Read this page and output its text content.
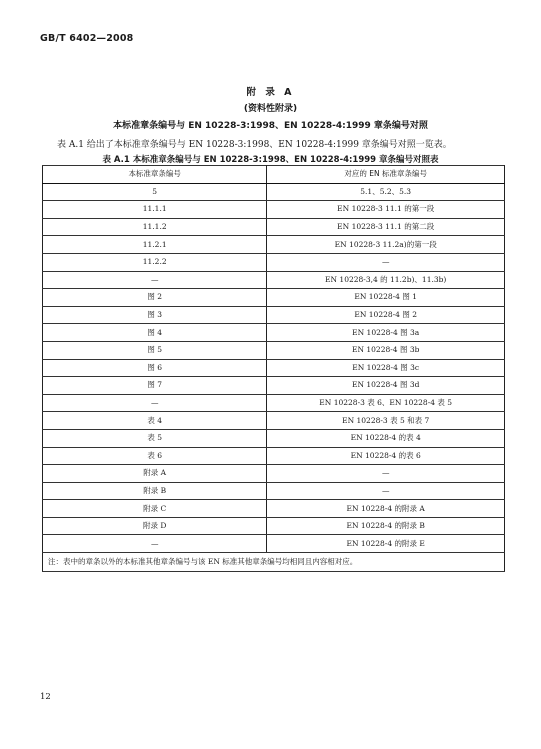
GB/T 6402—2008
附 录 A
(资料性附录)
本标准章条编号与 EN 10228-3:1998、EN 10228-4:1999 章条编号对照
表 A.1 给出了本标准章条编号与 EN 10228-3:1998、EN 10228-4:1999 章条编号对照一览表。
表 A.1 本标准章条编号与 EN 10228-3:1998、EN 10228-4:1999 章条编号对照表
本标准章条编号	对应的 EN 标准章条编号
5	5.1、5.2、5.3
11.1.1	EN 10228-3 11.1 的第一段
11.1.2	EN 10228-3 11.1 的第二段
11.2.1	EN 10228-3 11.2a)的第一段
11.2.2	—
—	EN 10228-3,4 的 11.2b)、11.3b)
图 2	EN 10228-4 图 1
图 3	EN 10228-4 图 2
图 4	EN 10228-4 图 3a
图 5	EN 10228-4 图 3b
图 6	EN 10228-4 图 3c
图 7	EN 10228-4 图 3d
—	EN 10228-3 表 6、EN 10228-4 表 5
表 4	EN 10228-3 表 5 和表 7
表 5	EN 10228-4 的表 4
表 6	EN 10228-4 的表 6
附录 A	—
附录 B	—
附录 C	EN 10228-4 的附录 A
附录 D	EN 10228-4 的附录 B
—	EN 10228-4 的附录 E
注：表中的章条以外的本标准其他章条编号与该 EN 标准其他章条编号均相同且内容相对应。	
12
